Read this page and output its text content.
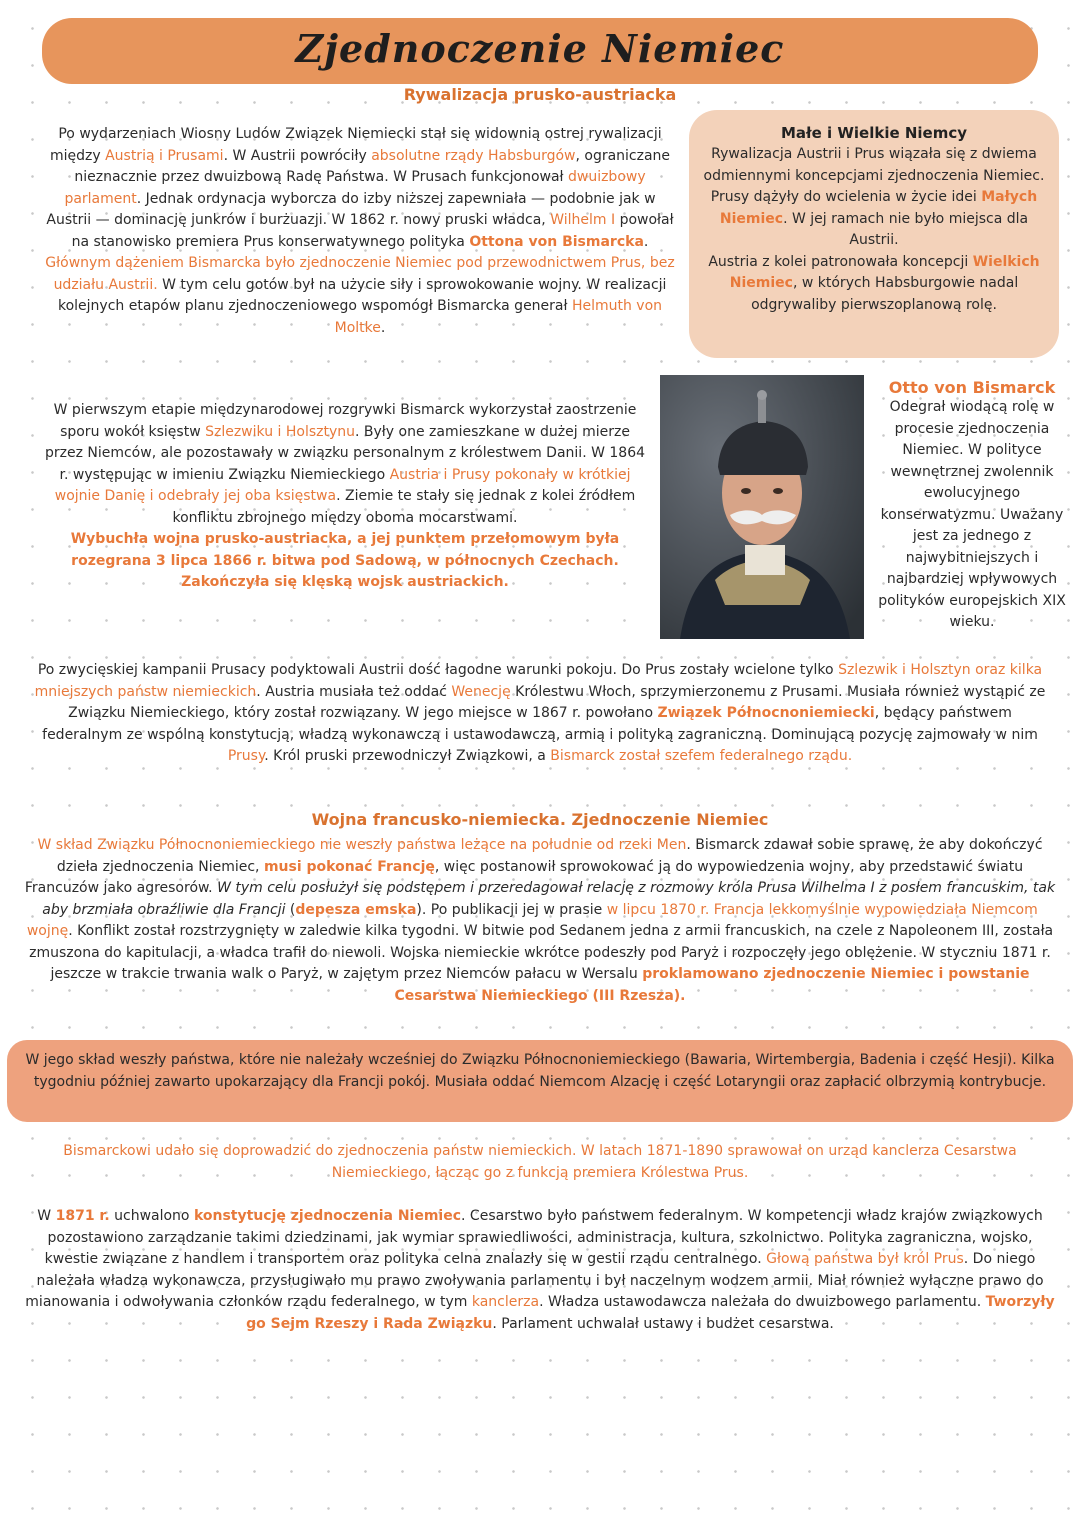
Zjednoczenie Niemiec
Rywalizacja prusko-austriacka

Po wydarzeniach Wiosny Ludów Związek Niemiecki stał się widownią ostrej rywalizacji między Austrią i Prusami. W Austrii powróciły absolutne rządy Habsburgów, ograniczane nieznacznie przez dwuizbową Radę Państwa. W Prusach funkcjonował dwuizbowy parlament. Jednak ordynacja wyborcza do izby niższej zapewniała — podobnie jak w Austrii — dominację junkrów i burżuazji. W 1862 r. nowy pruski władca, Wilhelm I powołał na stanowisko premiera Prus konserwatywnego polityka Ottona von Bismarcka. Głównym dążeniem Bismarcka było zjednoczenie Niemiec pod przewodnictwem Prus, bez udziału Austrii. W tym celu gotów był na użycie siły i sprowokowanie wojny. W realizacji kolejnych etapów planu zjednoczeniowego wspomógł Bismarcka generał Helmuth von Moltke.

Małe i Wielkie Niemcy

Rywalizacja Austrii i Prus wiązała się z dwiema odmiennymi koncepcjami zjednoczenia Niemiec.
Prusy dążyły do wcielenia w życie idei Małych Niemiec. W jej ramach nie było miejsca dla Austrii.
Austria z kolei patronowała koncepcji Wielkich Niemiec, w których Habsburgowie nadal odgrywaliby pierwszoplanową rolę.

W pierwszym etapie międzynarodowej rozgrywki Bismarck wykorzystał zaostrzenie sporu wokół księstw Szlezwiku i Holsztynu. Były one zamieszkane w dużej mierze przez Niemców, ale pozostawały w związku personalnym z królestwem Danii. W 1864 r. występując w imieniu Związku Niemieckiego Austria i Prusy pokonały w krótkiej wojnie Danię i odebrały jej oba księstwa. Ziemie te stały się jednak z kolei źródłem konfliktu zbrojnego między oboma mocarstwami.
Wybuchła wojna prusko-austriacka, a jej punktem przełomowym była rozegrana 3 lipca 1866 r. bitwa pod Sadową, w północnych Czechach. Zakończyła się klęską wojsk austriackich.

Otto von Bismarck

Odegrał wiodącą rolę w procesie zjednoczenia Niemiec. W polityce wewnętrznej zwolennik ewolucyjnego konserwatyzmu. Uważany jest za jednego z najwybitniejszych i najbardziej wpływowych polityków europejskich XIX wieku.

Po zwycięskiej kampanii Prusacy podyktowali Austrii dość łagodne warunki pokoju. Do Prus zostały wcielone tylko Szlezwik i Holsztyn oraz kilka mniejszych państw niemieckich. Austria musiała też oddać Wenecję Królestwu Włoch, sprzymierzonemu z Prusami. Musiała również wystąpić ze Związku Niemieckiego, który został rozwiązany. W jego miejsce w 1867 r. powołano Związek Północnoniemiecki, będący państwem federalnym ze wspólną konstytucją, władzą wykonawczą i ustawodawczą, armią i polityką zagraniczną. Dominującą pozycję zajmowały w nim Prusy. Król pruski przewodniczył Związkowi, a Bismarck został szefem federalnego rządu.

Wojna francusko-niemiecka. Zjednoczenie Niemiec

W skład Związku Północnoniemieckiego nie weszły państwa leżące na południe od rzeki Men. Bismarck zdawał sobie sprawę, że aby dokończyć dzieła zjednoczenia Niemiec, musi pokonać Francję, więc postanowił sprowokować ją do wypowiedzenia wojny, aby przedstawić światu Francuzów jako agresorów. W tym celu posłużył się podstępem i przeredagował relację z rozmowy króla Prusa Wilhelma I z posłem francuskim, tak aby brzmiała obraźliwie dla Francji (depesza emska). Po publikacji jej w prasie w lipcu 1870 r. Francja lekkomyślnie wypowiedziała Niemcom wojnę. Konflikt został rozstrzygnięty w zaledwie kilka tygodni. W bitwie pod Sedanem jedna z armii francuskich, na czele z Napoleonem III, została zmuszona do kapitulacji, a władca trafił do niewoli. Wojska niemieckie wkrótce podeszły pod Paryż i rozpoczęły jego oblężenie. W styczniu 1871 r. jeszcze w trakcie trwania walk o Paryż, w zajętym przez Niemców pałacu w Wersalu proklamowano zjednoczenie Niemiec i powstanie Cesarstwa Niemieckiego (III Rzesza).

W jego skład weszły państwa, które nie należały wcześniej do Związku Północnoniemieckiego (Bawaria, Wirtembergia, Badenia i część Hesji). Kilka tygodniu później zawarto upokarzający dla Francji pokój. Musiała oddać Niemcom Alzację i część Lotaryngii oraz zapłacić olbrzymią kontrybucje.

Bismarckowi udało się doprowadzić do zjednoczenia państw niemieckich. W latach 1871-1890 sprawował on urząd kanclerza Cesarstwa Niemieckiego, łącząc go z funkcją premiera Królestwa Prus.

W 1871 r. uchwalono konstytucję zjednoczenia Niemiec. Cesarstwo było państwem federalnym. W kompetencji władz krajów związkowych pozostawiono zarządzanie takimi dziedzinami, jak wymiar sprawiedliwości, administracja, kultura, szkolnictwo. Polityka zagraniczna, wojsko, kwestie związane z handlem i transportem oraz polityka celna znalazły się w gestii rządu centralnego. Głową państwa był król Prus. Do niego należała władza wykonawcza, przysługiwało mu prawo zwoływania parlamentu i był naczelnym wodzem armii. Miał również wyłączne prawo do mianowania i odwoływania członków rządu federalnego, w tym kanclerza. Władza ustawodawcza należała do dwuizbowego parlamentu. Tworzyły go Sejm Rzeszy i Rada Związku. Parlament uchwalał ustawy i budżet cesarstwa.
